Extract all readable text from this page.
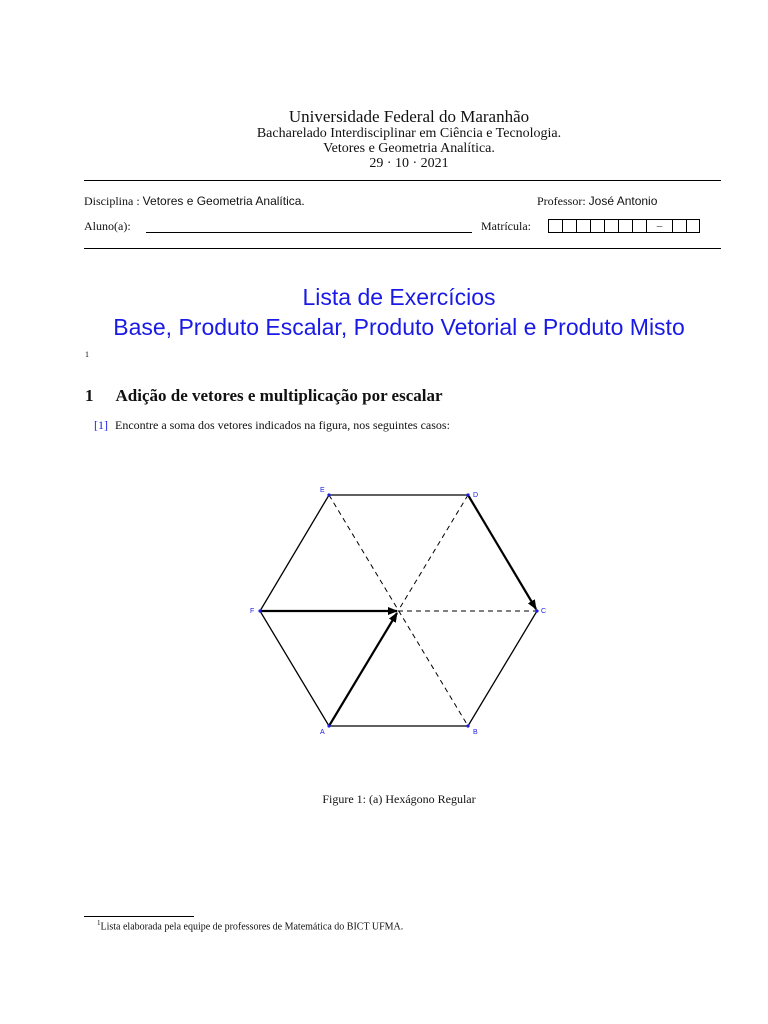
Universidade Federal do Maranhão
Bacharelado Interdisciplinar em Ciência e Tecnologia.
Vetores e Geometria Analítica.
29 · 10 · 2021
Disciplina : Vetores e Geometria Analítica.	Professor: José Antonio
Aluno(a):	Matrícula:	–
Lista de Exercícios
Base, Produto Escalar, Produto Vetorial e Produto Misto
1
1 Adição de vetores e multiplicação por escalar
[1] Encontre a soma dos vetores indicados na figura, nos seguintes casos:
E
D
C
B
A
F
Figure 1: (a) Hexágono Regular
$^1$Lista elaborada pela equipe de professores de Matemática do BICT UFMA.
